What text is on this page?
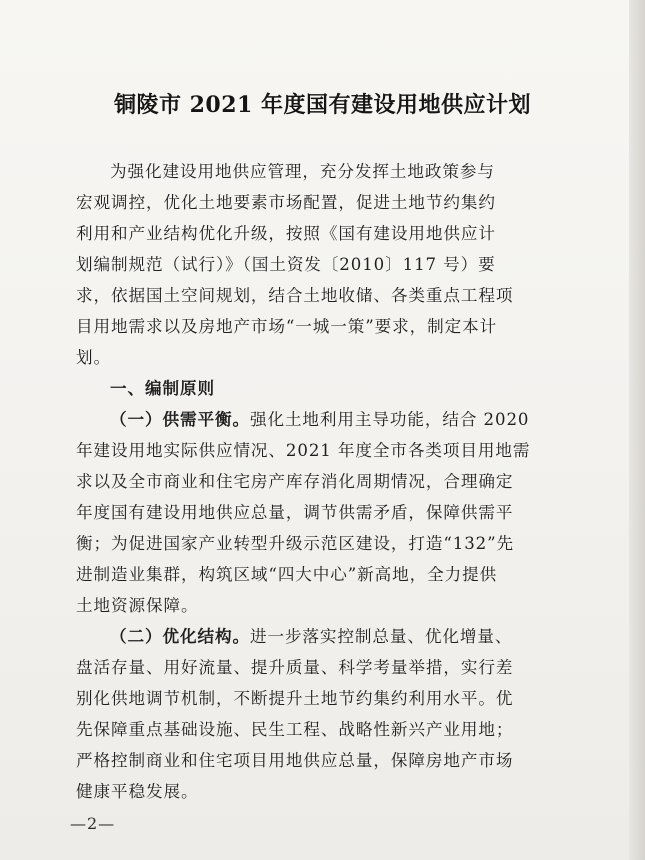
铜陵市 2021 年度国有建设用地供应计划
为强化建设用地供应管理，充分发挥土地政策参与
宏观调控，优化土地要素市场配置，促进土地节约集约
利用和产业结构优化升级，按照《国有建设用地供应计
划编制规范（试行）》（国土资发〔2010〕117 号）要
求，依据国土空间规划，结合土地收储、各类重点工程项
目用地需求以及房地产市场“一城一策”要求，制定本计
划。
一、编制原则
（一）供需平衡。强化土地利用主导功能，结合 2020
年建设用地实际供应情况、2021 年度全市各类项目用地需
求以及全市商业和住宅房产库存消化周期情况，合理确定
年度国有建设用地供应总量，调节供需矛盾，保障供需平
衡；为促进国家产业转型升级示范区建设，打造“132”先
进制造业集群，构筑区域“四大中心”新高地，全力提供
土地资源保障。
（二）优化结构。进一步落实控制总量、优化增量、
盘活存量、用好流量、提升质量、科学考量举措，实行差
别化供地调节机制，不断提升土地节约集约利用水平。优
先保障重点基础设施、民生工程、战略性新兴产业用地；
严格控制商业和住宅项目用地供应总量，保障房地产市场
健康平稳发展。
—2—
